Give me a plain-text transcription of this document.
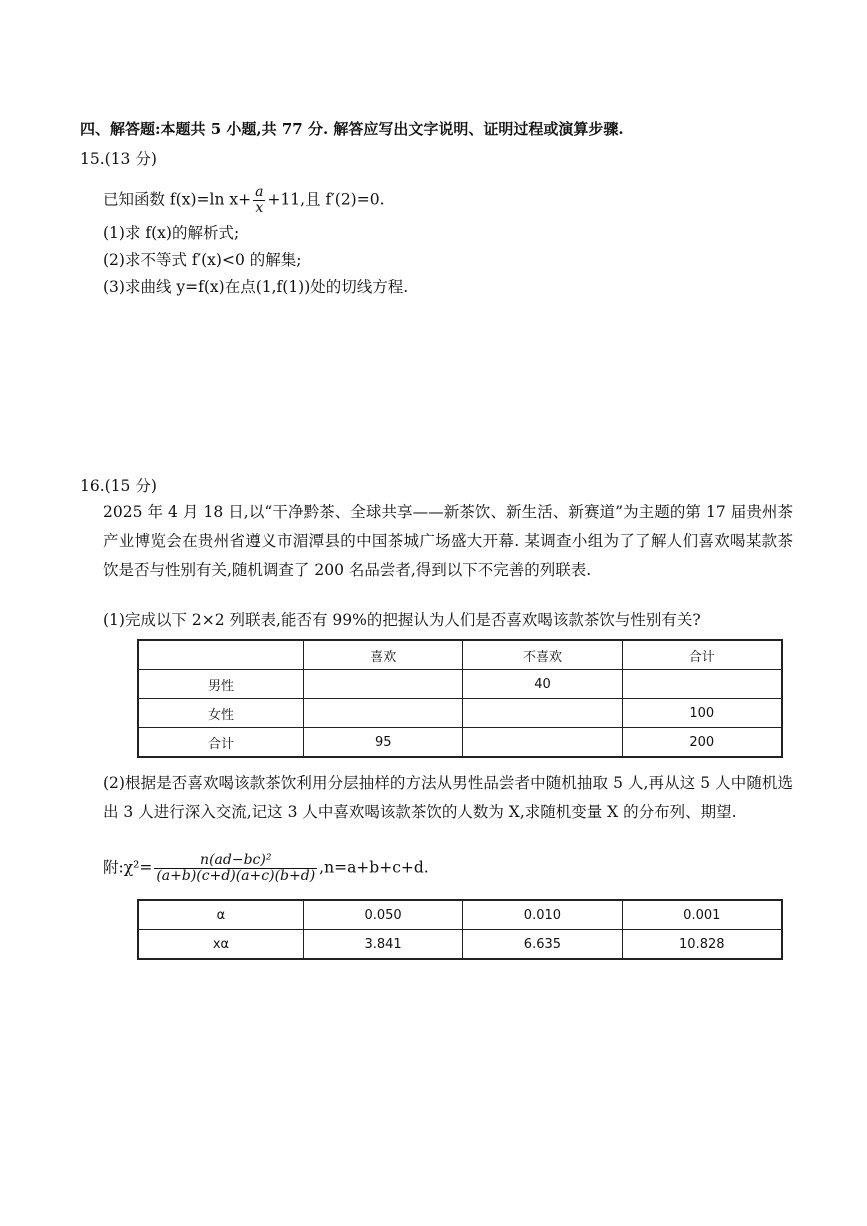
四、解答题:本题共 5 小题,共 77 分. 解答应写出文字说明、证明过程或演算步骤.
15.(13 分)
已知函数 f(x)=ln $x+ \frac{a}{x} +11$,且 f′(2)=0.
(1)求 f(x)的解析式;
(2)求不等式 f′(x)<0 的解集;
(3)求曲线 y=f(x)在点(1,f(1))处的切线方程.
16.(15 分)
2025 年 4 月 18 日,以“干净黔茶、全球共享——新茶饮、新生活、新赛道”为主题的第 17 届贵州茶产业博览会在贵州省遵义市湄潭县的中国茶城广场盛大开幕. 某调查小组为了了解人们喜欢喝某款茶饮是否与性别有关,随机调查了 200 名品尝者,得到以下不完善的列联表.
(1)完成以下 2×2 列联表,能否有 99%的把握认为人们是否喜欢喝该款茶饮与性别有关?
	喜欢	不喜欢	合计
男性		40	
女性			100
合计	95		200
(2)根据是否喜欢喝该款茶饮利用分层抽样的方法从男性品尝者中随机抽取 5 人,再从这 5 人中随机选出 3 人进行深入交流,记这 3 人中喜欢喝该款茶饮的人数为 X,求随机变量 X 的分布列、期望.
附:χ²= $\frac{\text{n(ad−bc)²}}{(a+b)(c+d)(a+c)(b+d)} ,n=a+b+c+d$.
α	0.050	0.010	0.001
xα	3.841	6.635	10.828
